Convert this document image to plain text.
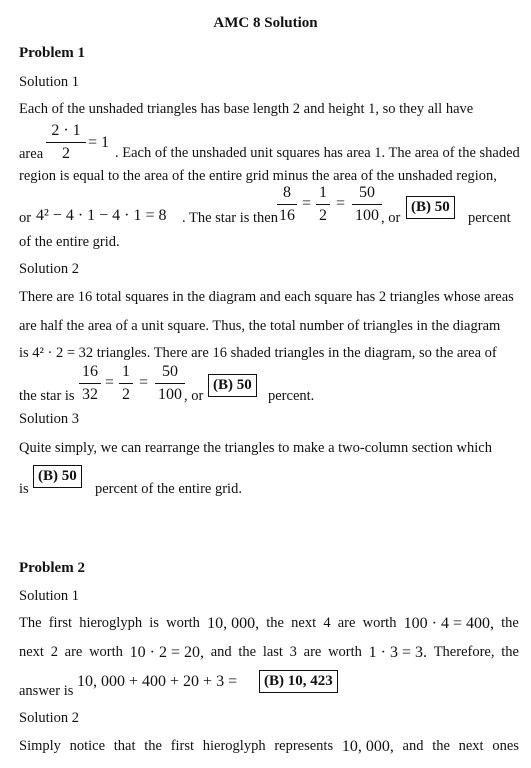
AMC 8 Solution
Problem 1
Solution 1
Each of the unshaded triangles has base length 2 and height 1, so they all have
area
2 · 1
2
= 1
. Each of the unshaded unit squares has area 1. The area of the shaded
region is equal to the area of the entire grid minus the area of the unshaded region,
or 4² − 4 · 1 − 4 · 1 = 8 . The star is then
8
16
=
1
2
=
50
100 , or
(B) 50
percent
of the entire grid.
Solution 2
There are 16 total squares in the diagram and each square has 2 triangles whose areas
are half the area of a unit square. Thus, the total number of triangles in the diagram
is 4² · 2 = 32 triangles. There are 16 shaded triangles in the diagram, so the area of
the star is
16
32
=
1
2
=
50
100 , or
(B) 50
percent.
Solution 3
Quite simply, we can rearrange the triangles to make a two-column section which
is
(B) 50
percent of the entire grid.
Problem 2
Solution 1
The first hieroglyph is worth 10, 000, the next 4 are worth 100 · 4 = 400, the
next 2 are worth 10 · 2 = 20, and the last 3 are worth 1 · 3 = 3. Therefore, the
answer is
10, 000 + 400 + 20 + 3 =	(B) 10, 423
Solution 2
Simply notice that the first hieroglyph represents 10, 000, and the next ones
